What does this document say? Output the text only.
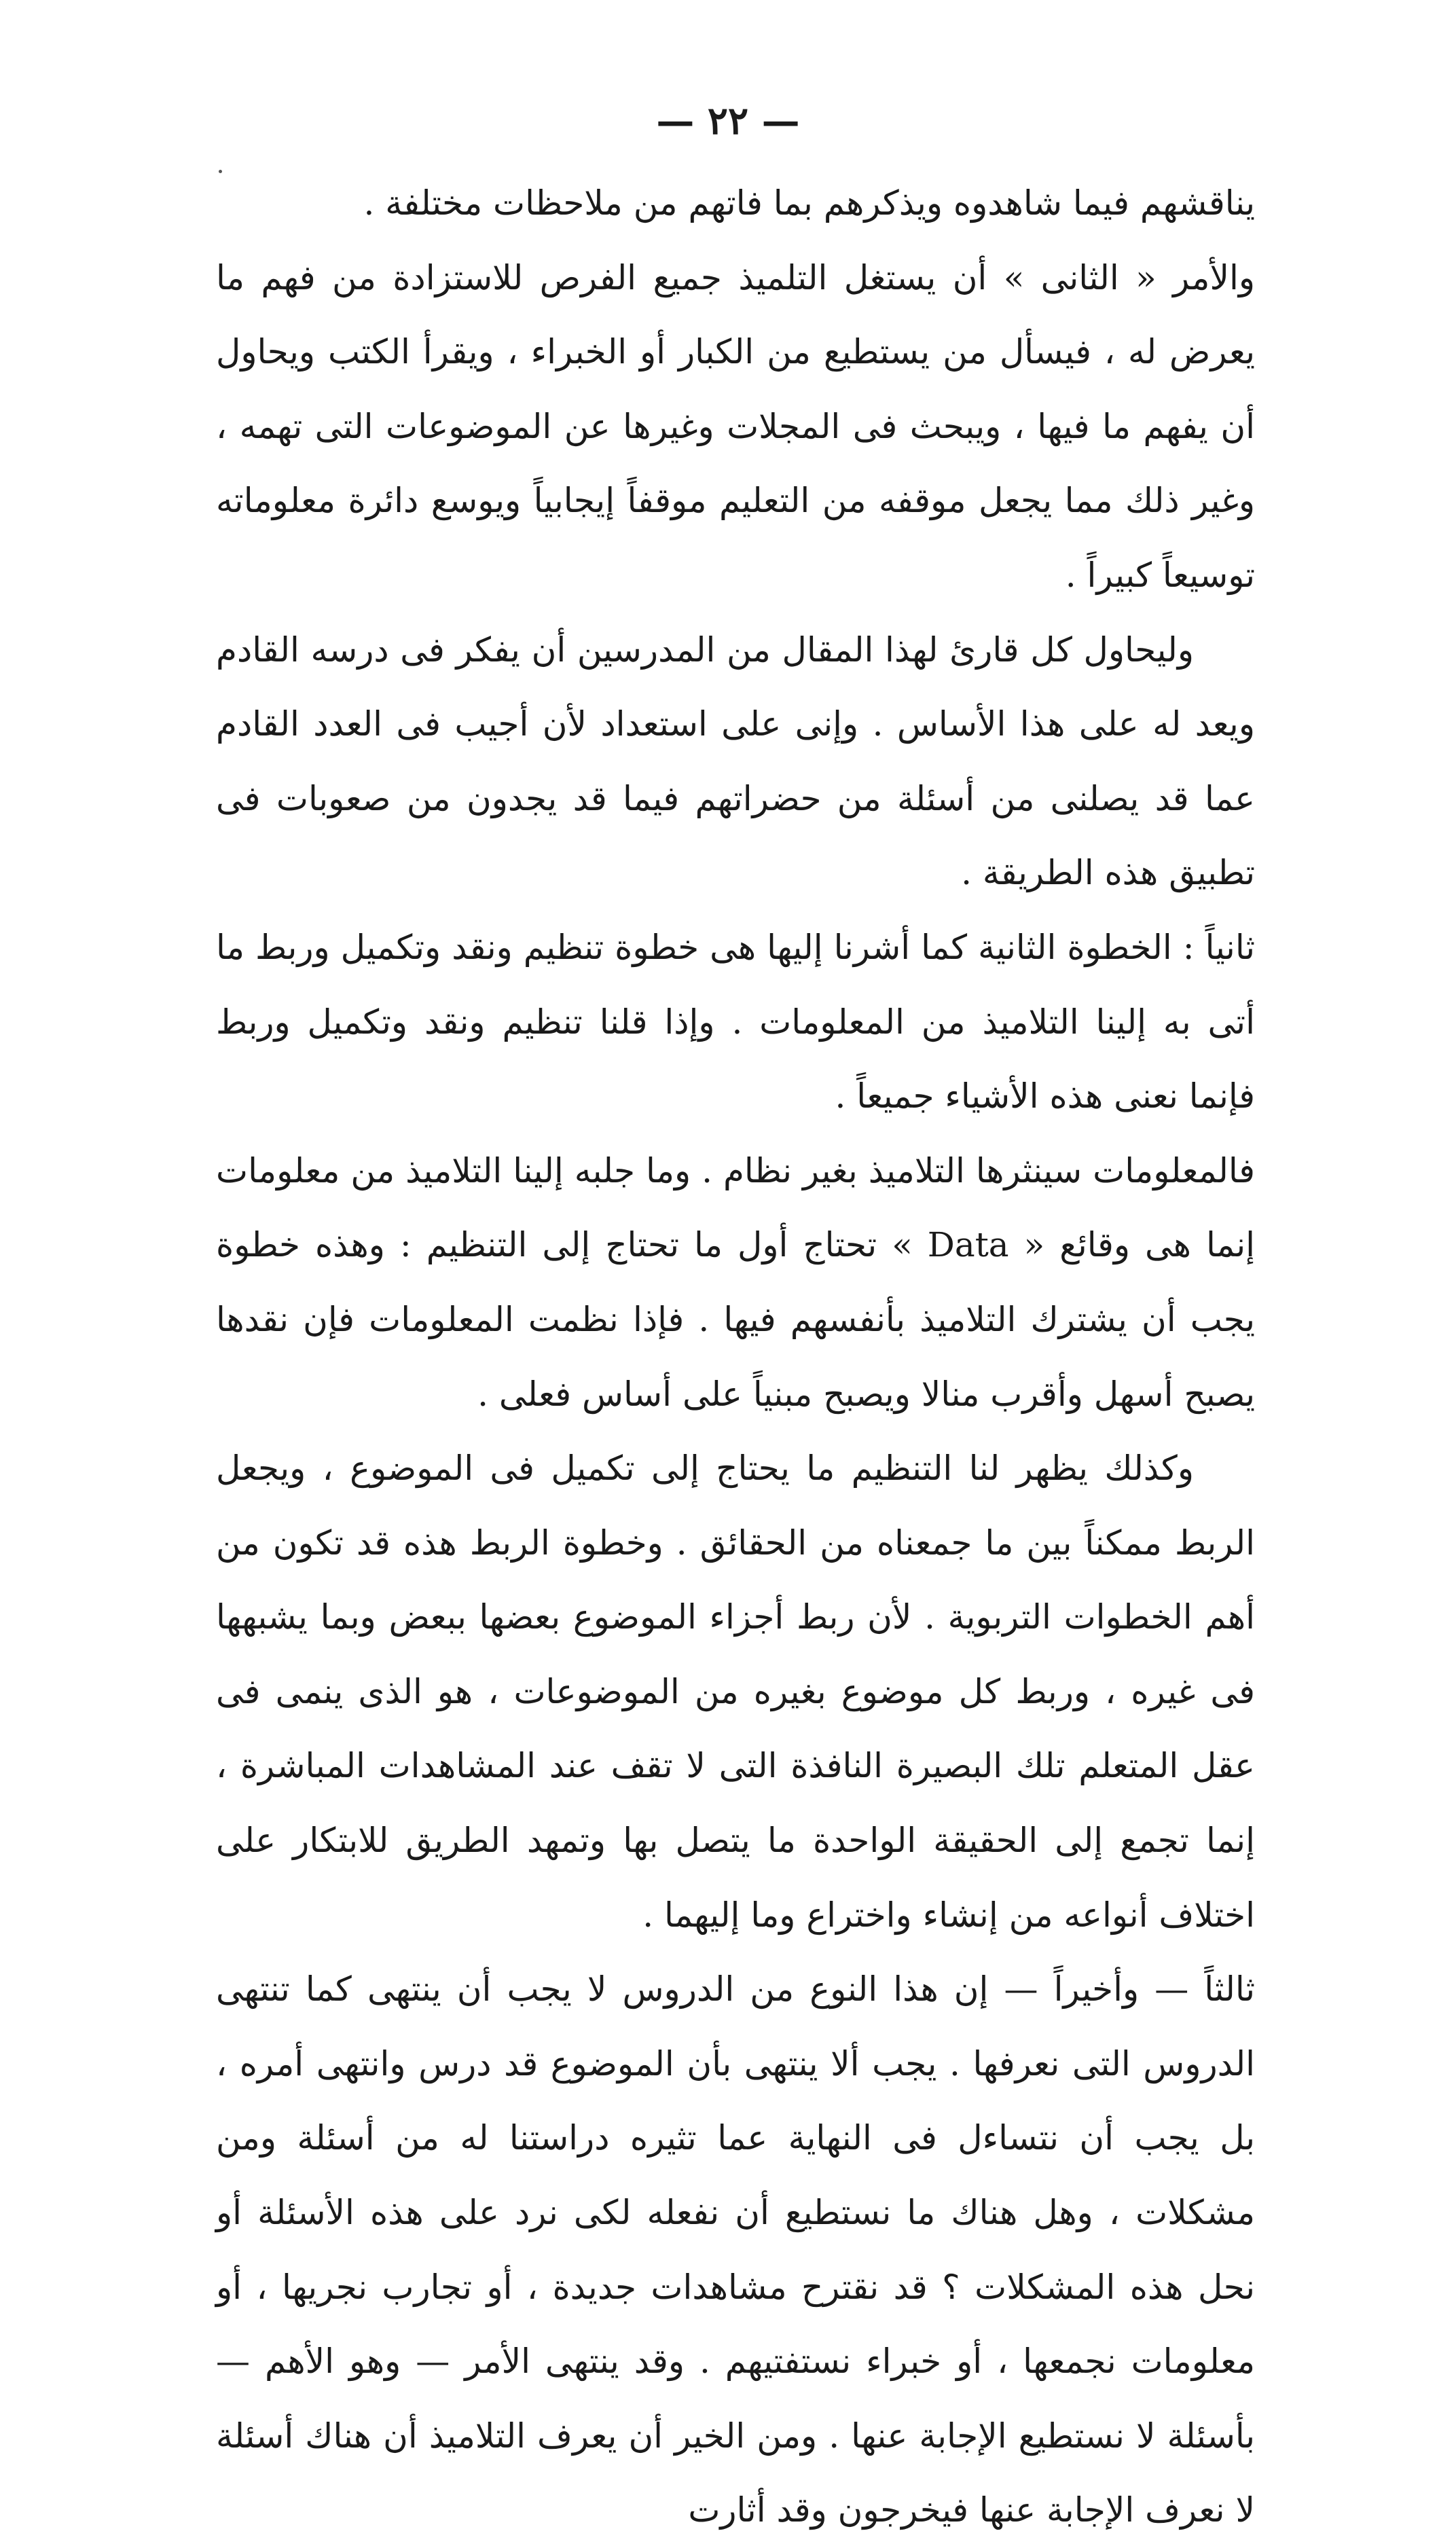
— ٢٢ —

يناقشهم فيما شاهدوه ويذكرهم بما فاتهم من ملاحظات مختلفة .

والأمر « الثانى » أن يستغل التلميذ جميع الفرص للاستزادة من فهم ما يعرض له ، فيسأل من يستطيع من الكبار أو الخبراء ، ويقرأ الكتب ويحاول أن يفهم ما فيها ، ويبحث فى المجلات وغيرها عن الموضوعات التى تهمه ، وغير ذلك مما يجعل موقفه من التعليم موقفاً إيجابياً ويوسع دائرة معلوماته توسيعاً كبيراً .

وليحاول كل قارئ لهذا المقال من المدرسين أن يفكر فى درسه القادم ويعد له على هذا الأساس . وإنى على استعداد لأن أجيب فى العدد القادم عما قد يصلنى من أسئلة من حضراتهم فيما قد يجدون من صعوبات فى تطبيق هذه الطريقة .

ثانياً : الخطوة الثانية كما أشرنا إليها هى خطوة تنظيم ونقد وتكميل وربط ما أتى به إلينا التلاميذ من المعلومات . وإذا قلنا تنظيم ونقد وتكميل وربط فإنما نعنى هذه الأشياء جميعاً .

فالمعلومات سينثرها التلاميذ بغير نظام . وما جلبه إلينا التلاميذ من معلومات إنما هى وقائع « Data » تحتاج أول ما تحتاج إلى التنظيم : وهذه خطوة يجب أن يشترك التلاميذ بأنفسهم فيها . فإذا نظمت المعلومات فإن نقدها يصبح أسهل وأقرب منالا ويصبح مبنياً على أساس فعلى .

وكذلك يظهر لنا التنظيم ما يحتاج إلى تكميل فى الموضوع ، ويجعل الربط ممكناً بين ما جمعناه من الحقائق . وخطوة الربط هذه قد تكون من أهم الخطوات التربوية . لأن ربط أجزاء الموضوع بعضها ببعض وبما يشبهها فى غيره ، وربط كل موضوع بغيره من الموضوعات ، هو الذى ينمى فى عقل المتعلم تلك البصيرة النافذة التى لا تقف عند المشاهدات المباشرة ، إنما تجمع إلى الحقيقة الواحدة ما يتصل بها وتمهد الطريق للابتكار على اختلاف أنواعه من إنشاء واختراع وما إليهما .

ثالثاً — وأخيراً — إن هذا النوع من الدروس لا يجب أن ينتهى كما تنتهى الدروس التى نعرفها . يجب ألا ينتهى بأن الموضوع قد درس وانتهى أمره ، بل يجب أن نتساءل فى النهاية عما تثيره دراستنا له من أسئلة ومن مشكلات ، وهل هناك ما نستطيع أن نفعله لكى نرد على هذه الأسئلة أو نحل هذه المشكلات ؟ قد نقترح مشاهدات جديدة ، أو تجارب نجريها ، أو معلومات نجمعها ، أو خبراء نستفتيهم . وقد ينتهى الأمر — وهو الأهم — بأسئلة لا نستطيع الإجابة عنها . ومن الخير أن يعرف التلاميذ أن هناك أسئلة لا نعرف الإجابة عنها فيخرجون وقد أثارت
